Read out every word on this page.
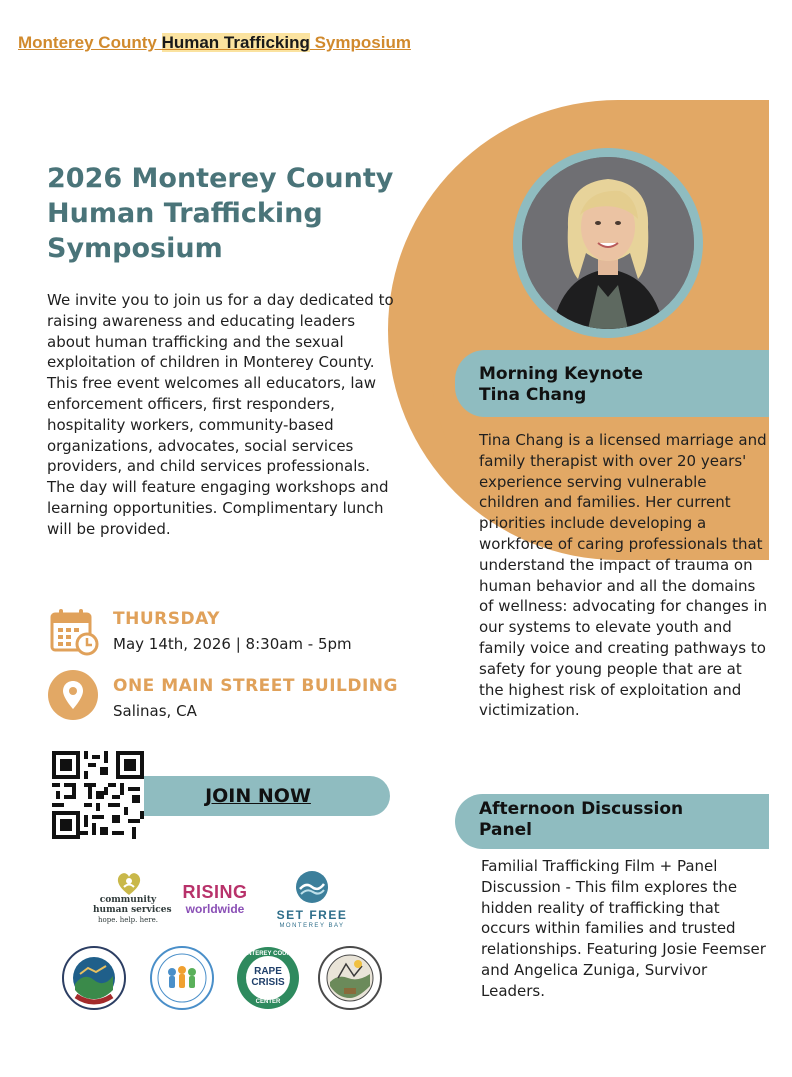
Monterey County Human Trafficking Symposium
2026 Monterey County Human Trafficking Symposium
We invite you to join us for a day dedicated to raising awareness and educating leaders about human trafficking and the sexual exploitation of children in Monterey County. This free event welcomes all educators, law enforcement officers, first responders, hospitality workers, community-based organizations, advocates, social services providers, and child services professionals. The day will feature engaging workshops and learning opportunities. Complimentary lunch will be provided.
THURSDAY
May 14th, 2026 | 8:30am - 5pm
ONE MAIN STREET BUILDING
Salinas, CA
JOIN NOW
community
human services
hope. help. here.
RISING
worldwide	SET FREE
MONTEREY BAY
MONTEREY COUNTY
RAPE
CRISIS
CENTER
Morning Keynote
Tina Chang
Tina Chang is a licensed marriage and family therapist with over 20 years' experience serving vulnerable children and families. Her current priorities include developing a workforce of caring professionals that understand the impact of trauma on human behavior and all the domains of wellness: advocating for changes in our systems to elevate youth and family voice and creating pathways to safety for young people that are at the highest risk of exploitation and victimization.
Afternoon Discussion
Panel
Familial Trafficking Film + Panel Discussion - This film explores the hidden reality of trafficking that occurs within families and trusted relationships. Featuring Josie Feemser and Angelica Zuniga, Survivor Leaders.
